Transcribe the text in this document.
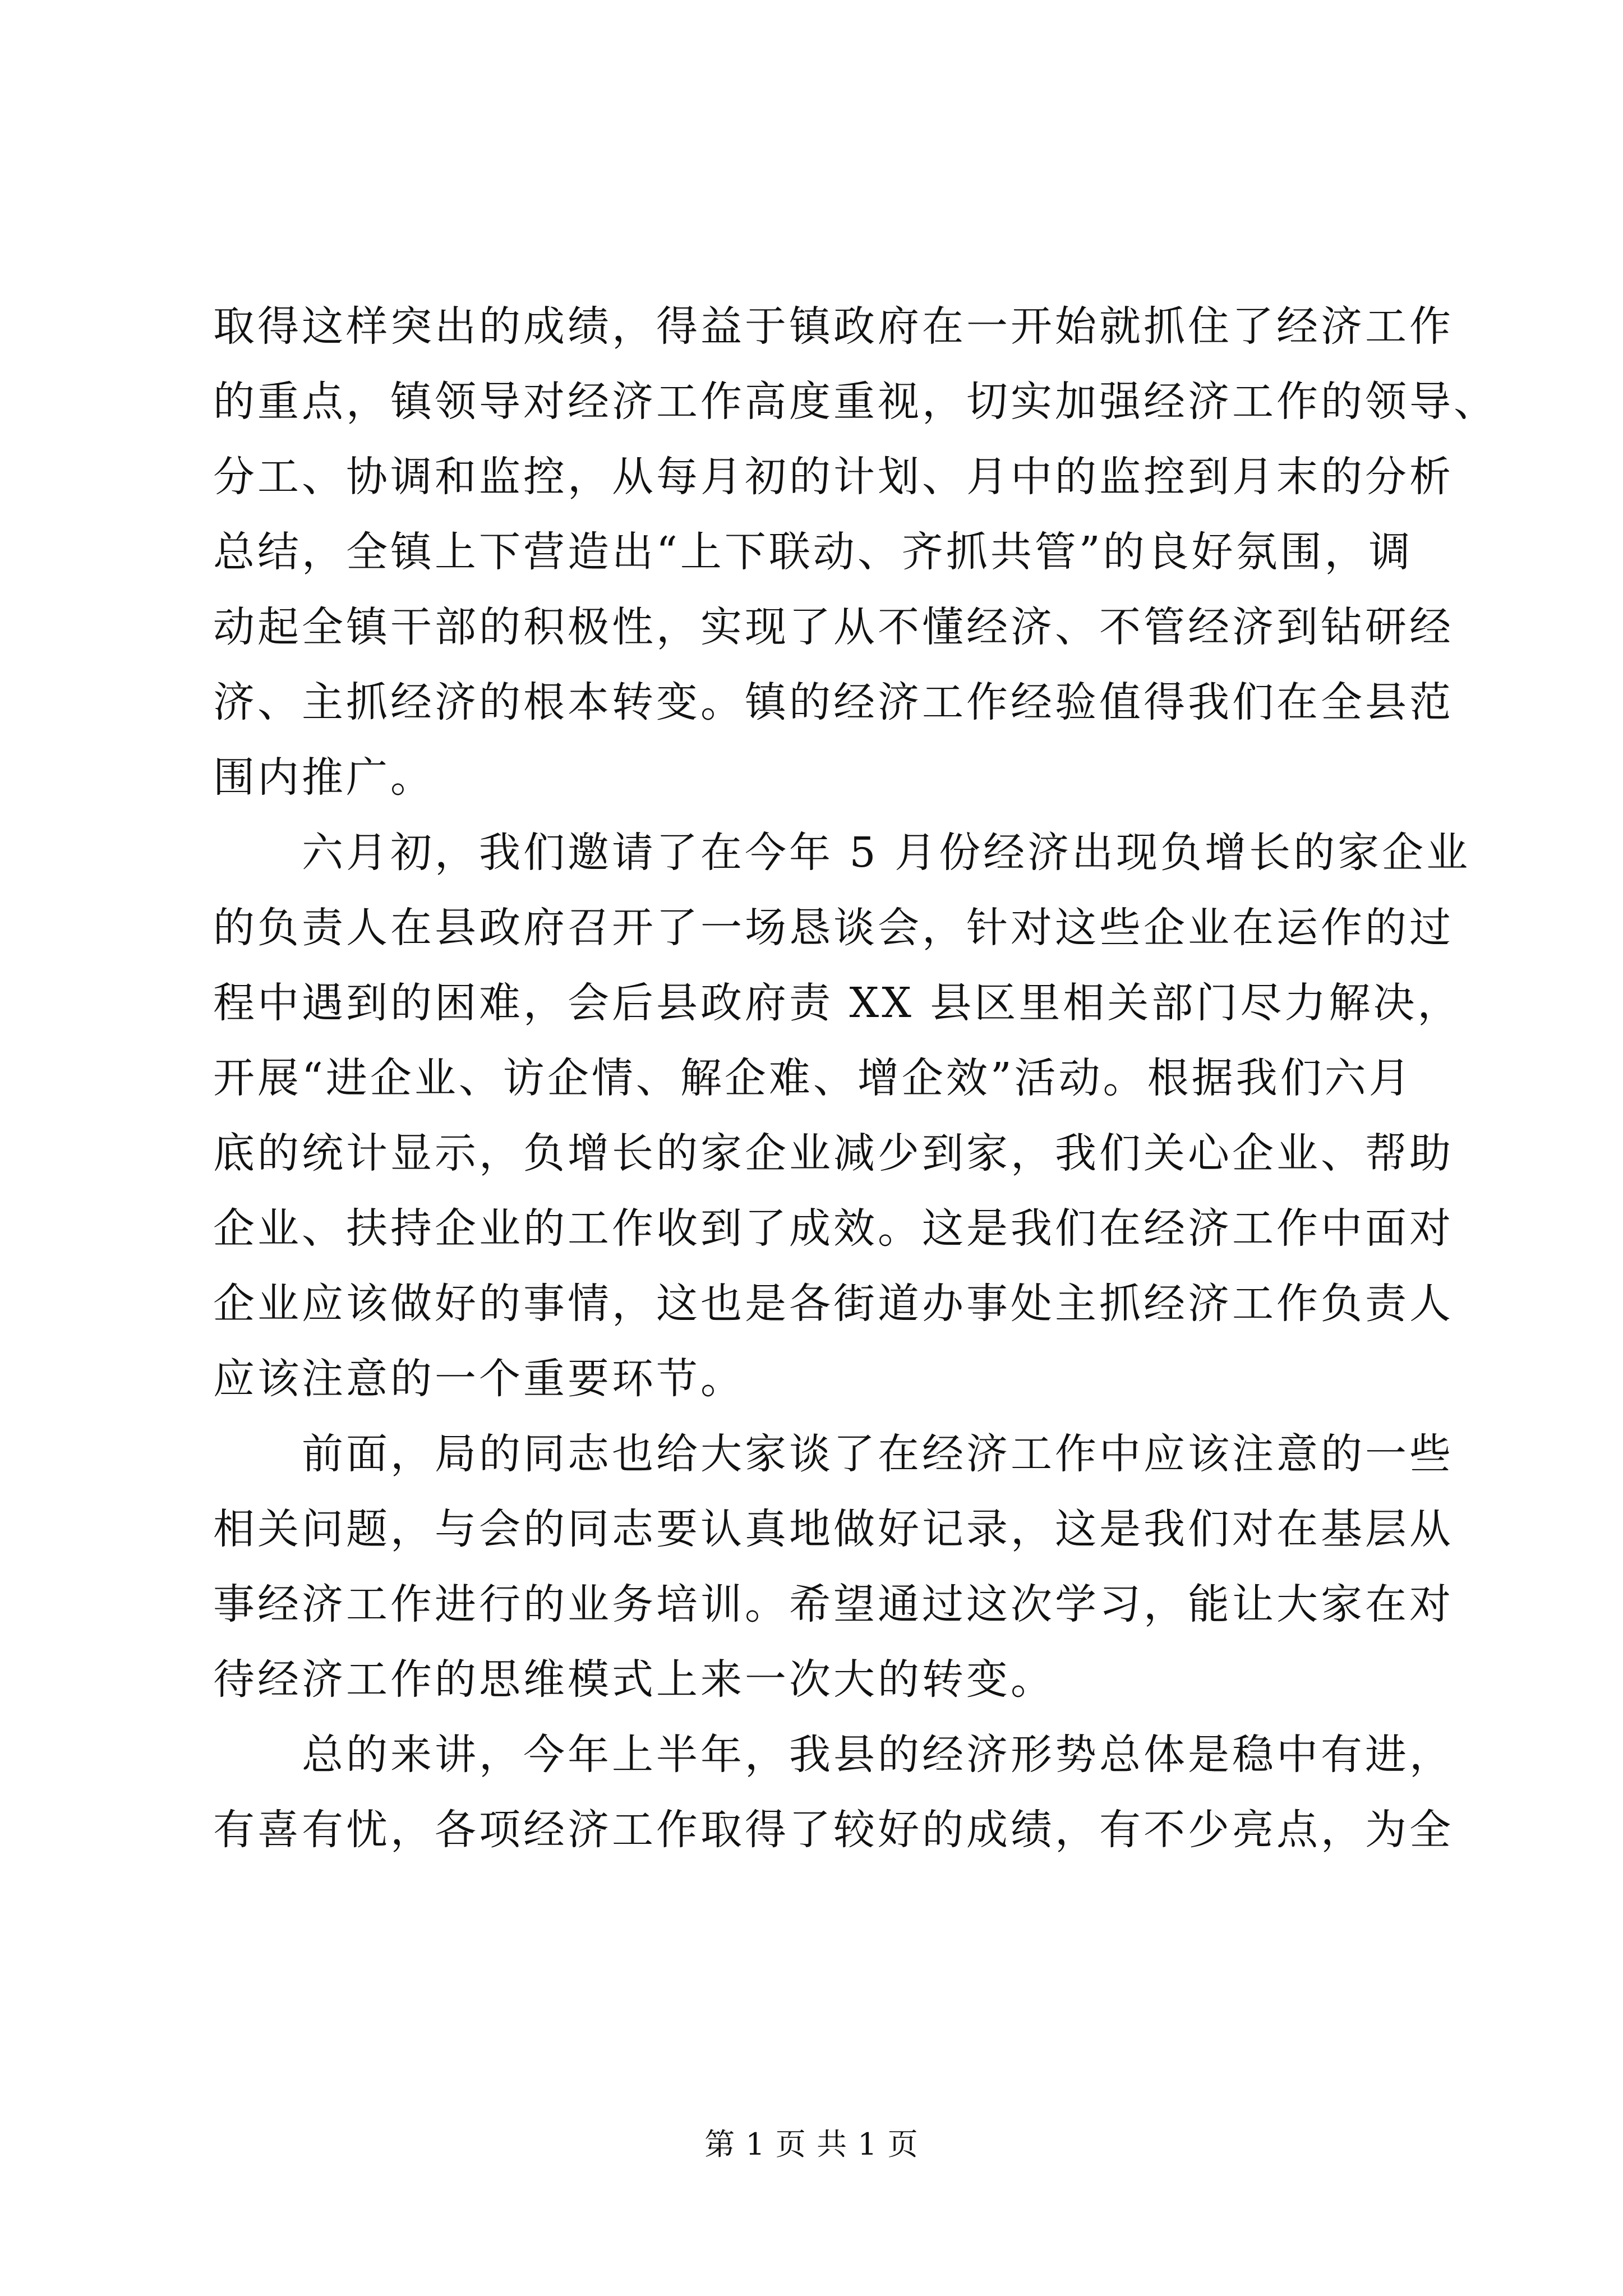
取得这样突出的成绩，得益于镇政府在一开始就抓住了经济工作
的重点，镇领导对经济工作高度重视，切实加强经济工作的领导、
分工、协调和监控，从每月初的计划、月中的监控到月末的分析
总结，全镇上下营造出“上下联动、齐抓共管”的良好氛围，调
动起全镇干部的积极性，实现了从不懂经济、不管经济到钻研经
济、主抓经济的根本转变。镇的经济工作经验值得我们在全县范
围内推广。
　　六月初，我们邀请了在今年 5 月份经济出现负增长的家企业
的负责人在县政府召开了一场恳谈会，针对这些企业在运作的过
程中遇到的困难，会后县政府责 XX 县区里相关部门尽力解决，
开展“进企业、访企情、解企难、增企效”活动。根据我们六月
底的统计显示，负增长的家企业减少到家，我们关心企业、帮助
企业、扶持企业的工作收到了成效。这是我们在经济工作中面对
企业应该做好的事情，这也是各街道办事处主抓经济工作负责人
应该注意的一个重要环节。
　　前面，局的同志也给大家谈了在经济工作中应该注意的一些
相关问题，与会的同志要认真地做好记录，这是我们对在基层从
事经济工作进行的业务培训。希望通过这次学习，能让大家在对
待经济工作的思维模式上来一次大的转变。
　　总的来讲，今年上半年，我县的经济形势总体是稳中有进，
有喜有忧，各项经济工作取得了较好的成绩，有不少亮点，为全
第 1 页 共 1 页
